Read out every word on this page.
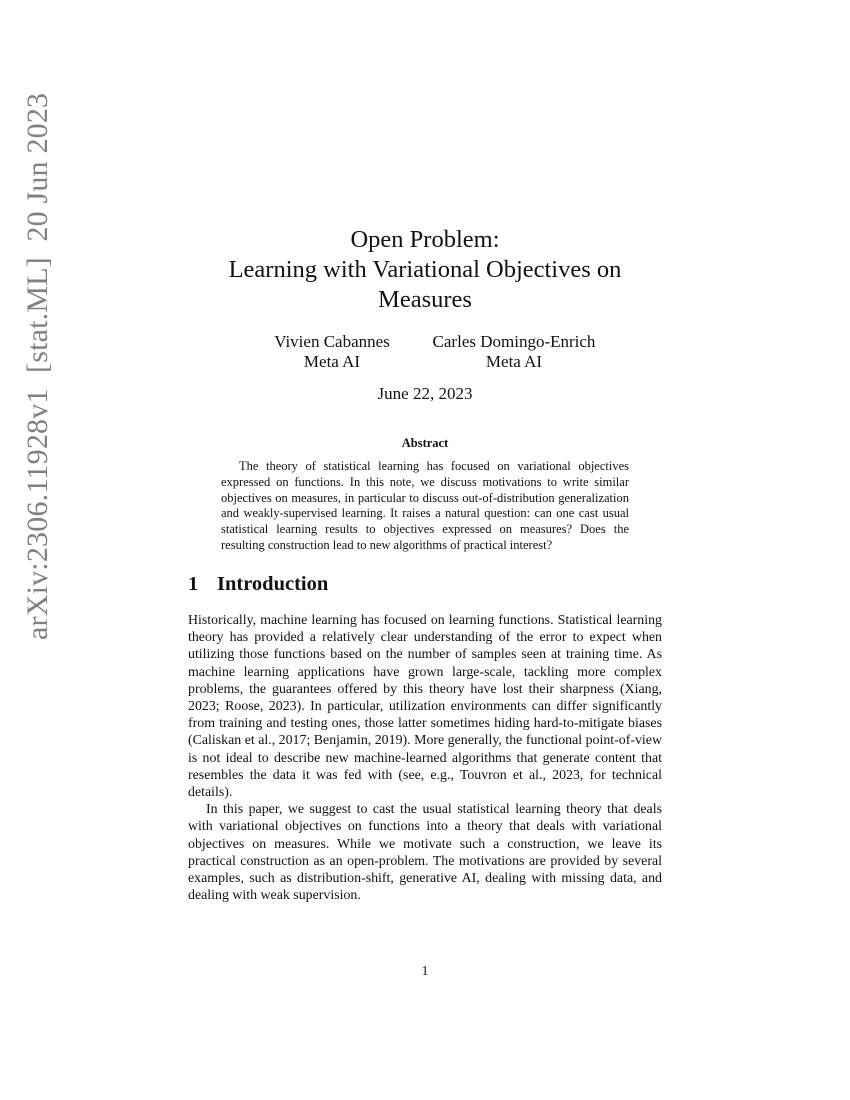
arXiv:2306.11928v1  [stat.ML]  20 Jun 2023	Open Problem:
Learning with Variational Objectives on
Measures
Vivien Cabannes
Meta AI
Carles Domingo-Enrich
Meta AI
June 22, 2023
Abstract

The theory of statistical learning has focused on variational objectives expressed on functions. In this note, we discuss motivations to write similar objectives on measures, in particular to discuss out-of-distribution generalization and weakly-supervised learning. It raises a natural question: can one cast usual statistical learning results to objectives expressed on measures? Does the resulting construction lead to new algorithms of practical interest?

1 Introduction

Historically, machine learning has focused on learning functions. Statistical learning theory has provided a relatively clear understanding of the error to expect when utilizing those functions based on the number of samples seen at training time. As machine learning applications have grown large-scale, tackling more complex problems, the guarantees offered by this theory have lost their sharpness (Xiang, 2023; Roose, 2023). In particular, utilization environments can differ significantly from training and testing ones, those latter sometimes hiding hard-to-mitigate biases (Caliskan et al., 2017; Benjamin, 2019). More generally, the functional point-of-view is not ideal to describe new machine-learned algorithms that generate content that resembles the data it was fed with (see, e.g., Touvron et al., 2023, for technical details).

In this paper, we suggest to cast the usual statistical learning theory that deals with variational objectives on functions into a theory that deals with variational objectives on measures. While we motivate such a construction, we leave its practical construction as an open-problem. The motivations are provided by several examples, such as distribution-shift, generative AI, dealing with missing data, and dealing with weak supervision.

1
